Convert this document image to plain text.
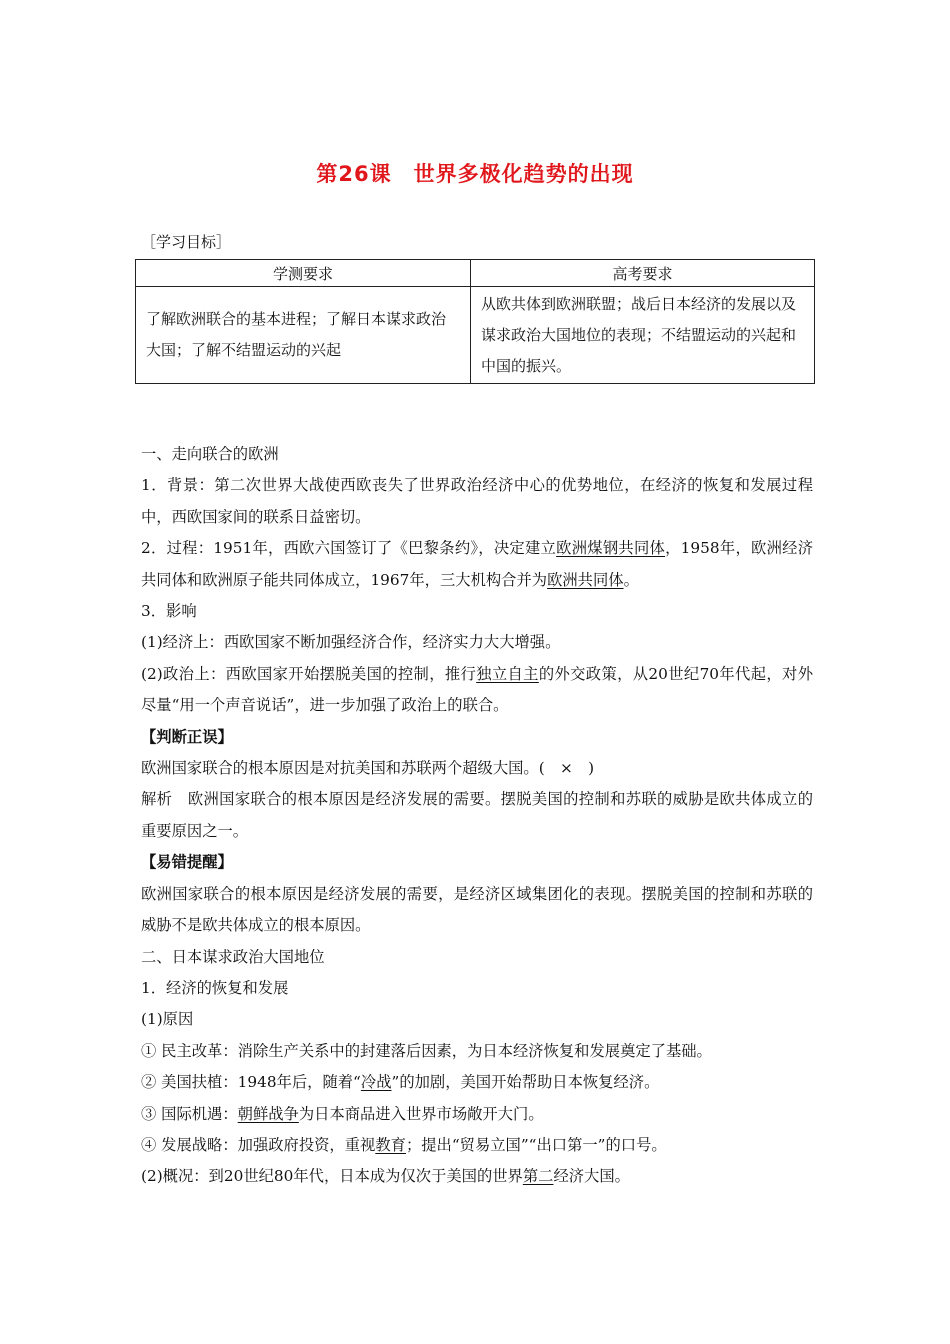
第26课　世界多极化趋势的出现
［学习目标］
学测要求	高考要求
了解欧洲联合的基本进程；了解日本谋求政治大国；了解不结盟运动的兴起	从欧共体到欧洲联盟；战后日本经济的发展以及谋求政治大国地位的表现；不结盟运动的兴起和中国的振兴。

一、走向联合的欧洲

1．背景：第二次世界大战使西欧丧失了世界政治经济中心的优势地位，在经济的恢复和发展过程中，西欧国家间的联系日益密切。

2．过程：1951年，西欧六国签订了《巴黎条约》，决定建立欧洲煤钢共同体，1958年，欧洲经济共同体和欧洲原子能共同体成立，1967年，三大机构合并为欧洲共同体。

3．影响

(1)经济上：西欧国家不断加强经济合作，经济实力大大增强。

(2)政治上：西欧国家开始摆脱美国的控制，推行独立自主的外交政策，从20世纪70年代起，对外尽量“用一个声音说话”，进一步加强了政治上的联合。

【判断正误】

欧洲国家联合的根本原因是对抗美国和苏联两个超级大国。(　×　)

解析　欧洲国家联合的根本原因是经济发展的需要。摆脱美国的控制和苏联的威胁是欧共体成立的重要原因之一。

【易错提醒】

欧洲国家联合的根本原因是经济发展的需要，是经济区域集团化的表现。摆脱美国的控制和苏联的威胁不是欧共体成立的根本原因。

二、日本谋求政治大国地位

1．经济的恢复和发展

(1)原因

① 民主改革：消除生产关系中的封建落后因素，为日本经济恢复和发展奠定了基础。

② 美国扶植：1948年后，随着“冷战”的加剧，美国开始帮助日本恢复经济。

③ 国际机遇：朝鲜战争为日本商品进入世界市场敞开大门。

④ 发展战略：加强政府投资，重视教育；提出“贸易立国”“出口第一”的口号。

(2)概况：到20世纪80年代，日本成为仅次于美国的世界第二经济大国。
